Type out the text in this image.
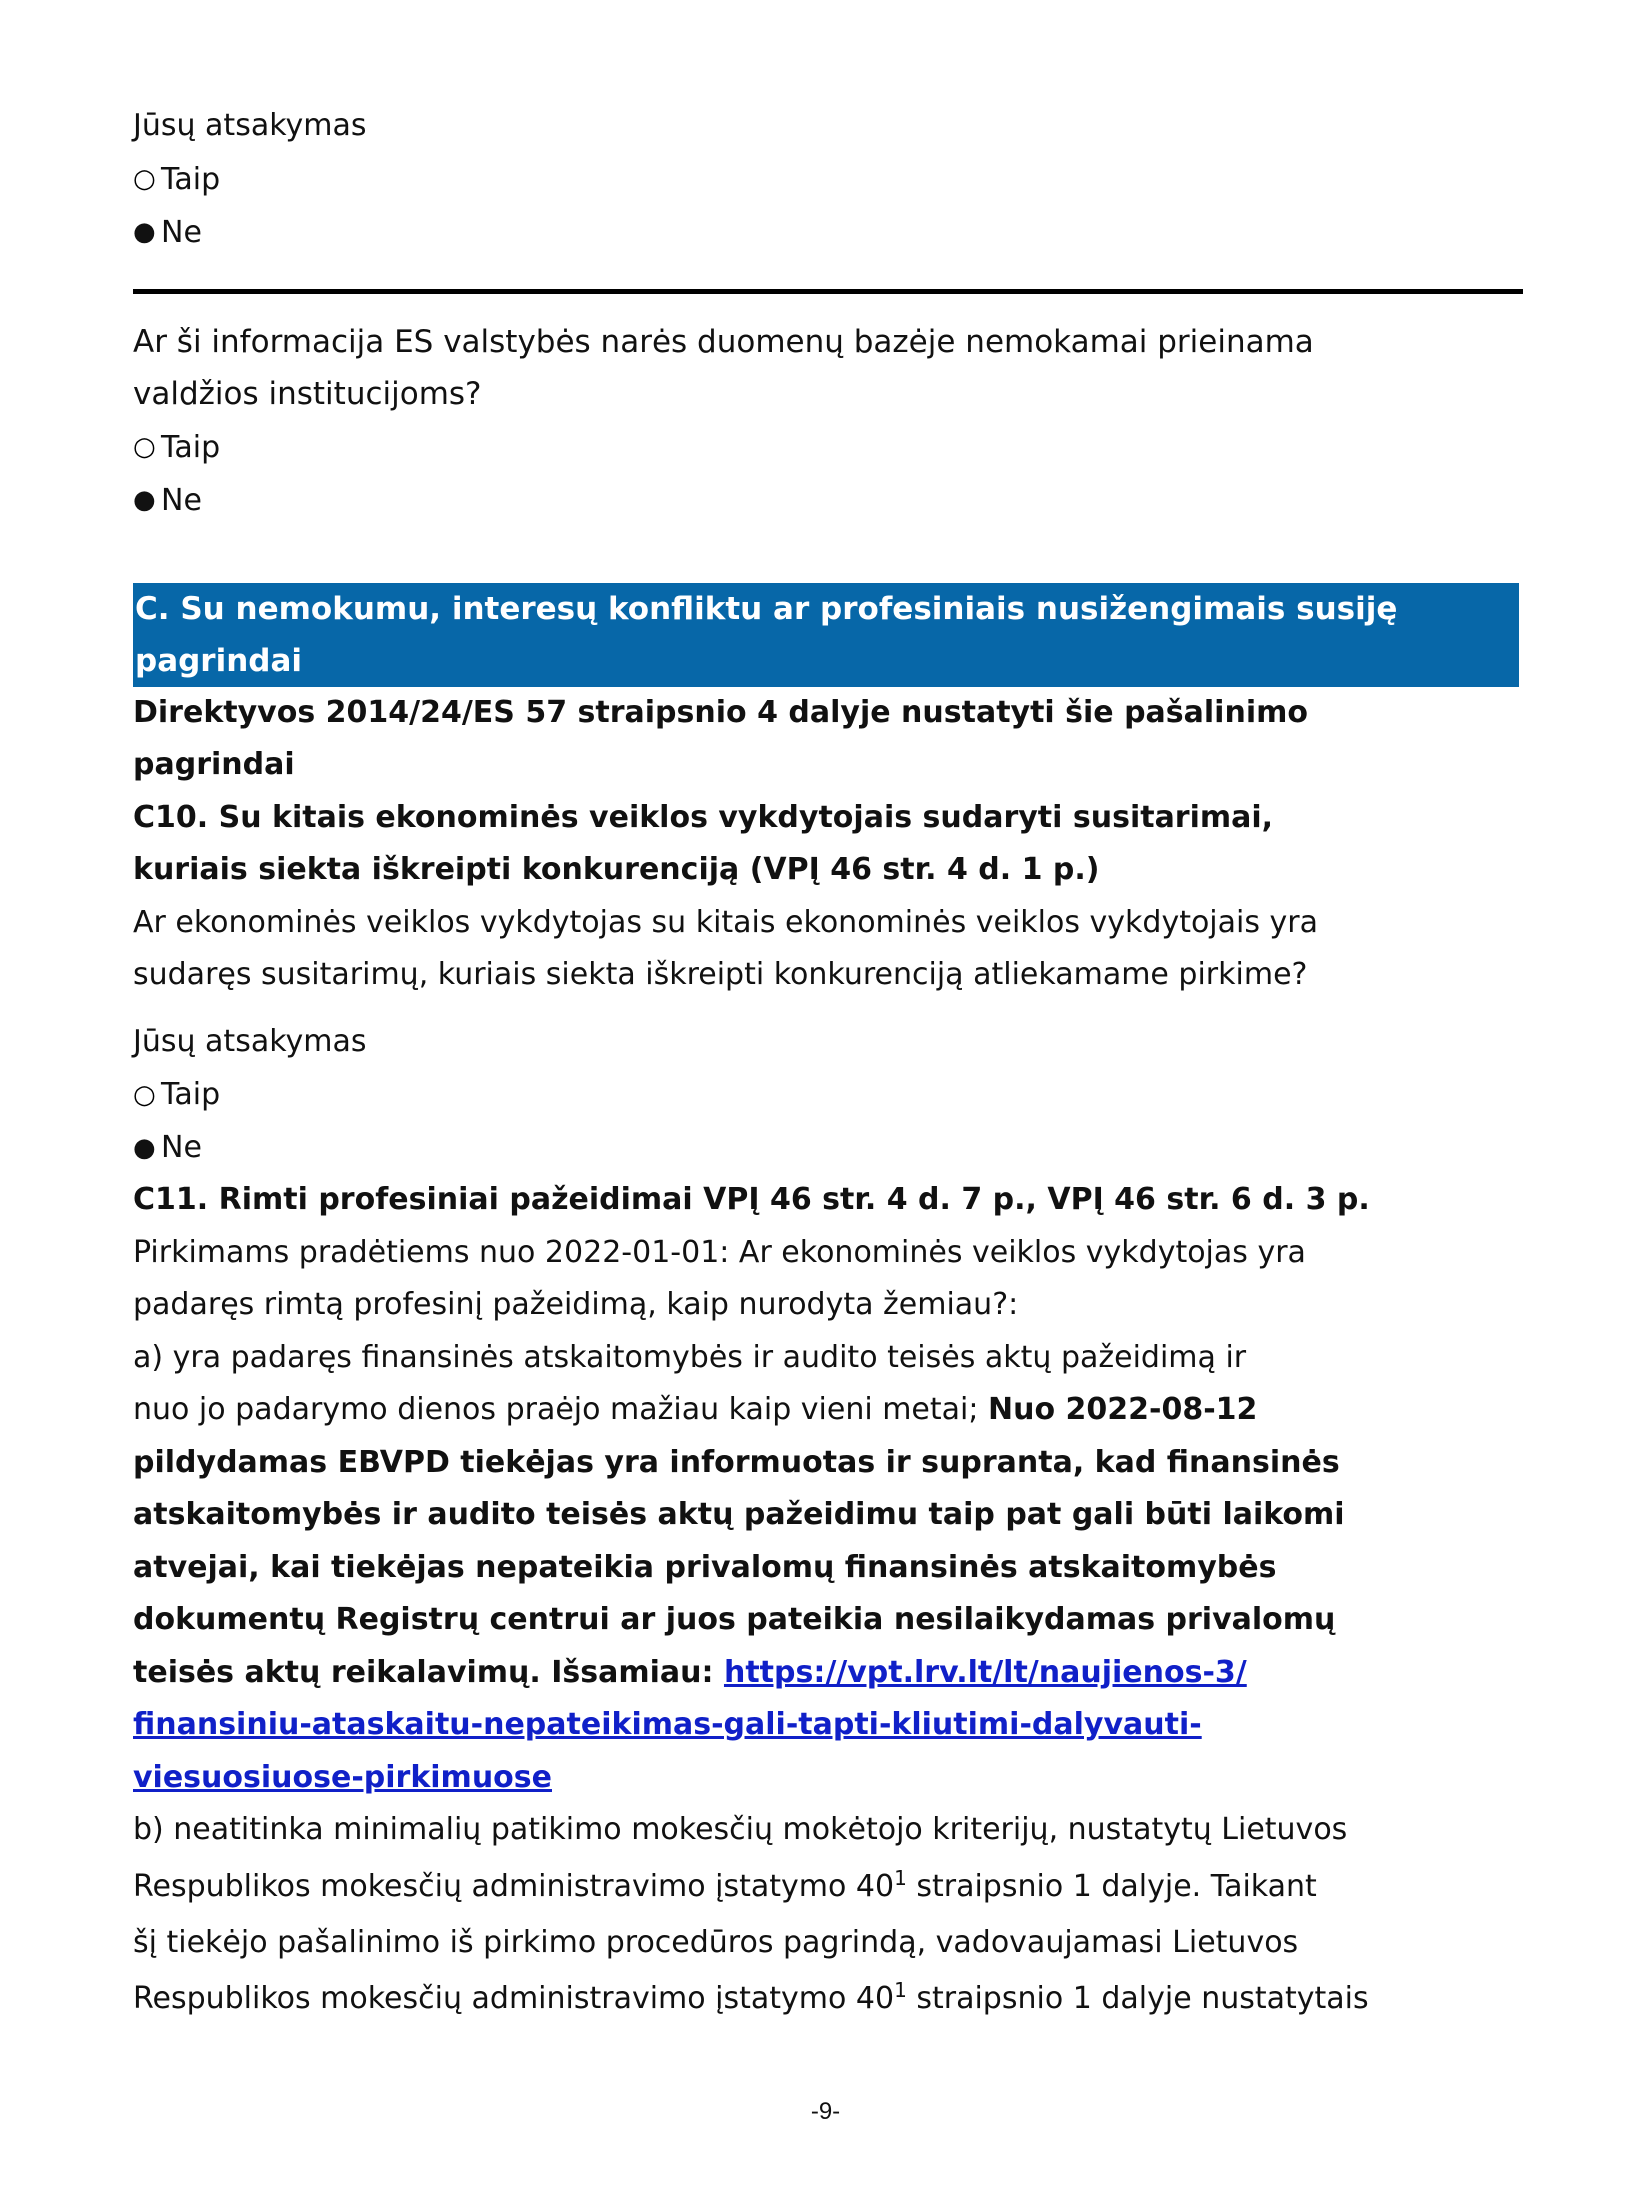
Jūsų atsakymas
○ Taip
● Ne
Ar ši informacija ES valstybės narės duomenų bazėje nemokamai prieinama
valdžios institucijoms?
○ Taip
● Ne
C. Su nemokumu, interesų konfliktu ar profesiniais nusižengimais susiję
pagrindai
Direktyvos 2014/24/ES 57 straipsnio 4 dalyje nustatyti šie pašalinimo
pagrindai
C10. Su kitais ekonominės veiklos vykdytojais sudaryti susitarimai,
kuriais siekta iškreipti konkurenciją (VPĮ 46 str. 4 d. 1 p.)
Ar ekonominės veiklos vykdytojas su kitais ekonominės veiklos vykdytojais yra
sudaręs susitarimų, kuriais siekta iškreipti konkurenciją atliekamame pirkime?
Jūsų atsakymas
○ Taip
● Ne
C11. Rimti profesiniai pažeidimai VPĮ 46 str. 4 d. 7 p., VPĮ 46 str. 6 d. 3 p.
Pirkimams pradėtiems nuo 2022-01-01: Ar ekonominės veiklos vykdytojas yra
padaręs rimtą profesinį pažeidimą, kaip nurodyta žemiau?:
a) yra padaręs finansinės atskaitomybės ir audito teisės aktų pažeidimą ir
nuo jo padarymo dienos praėjo mažiau kaip vieni metai; Nuo 2022-08-12
pildydamas EBVPD tiekėjas yra informuotas ir supranta, kad finansinės
atskaitomybės ir audito teisės aktų pažeidimu taip pat gali būti laikomi
atvejai, kai tiekėjas nepateikia privalomų finansinės atskaitomybės
dokumentų Registrų centrui ar juos pateikia nesilaikydamas privalomų
teisės aktų reikalavimų. Išsamiau: https://vpt.lrv.lt/lt/naujienos-3/
finansiniu-ataskaitu-nepateikimas-gali-tapti-kliutimi-dalyvauti-
viesuosiuose-pirkimuose
b) neatitinka minimalių patikimo mokesčių mokėtojo kriterijų, nustatytų Lietuvos
Respublikos mokesčių administravimo įstatymo $40^1$ straipsnio 1 dalyje. Taikant
šį tiekėjo pašalinimo iš pirkimo procedūros pagrindą, vadovaujamasi Lietuvos
Respublikos mokesčių administravimo įstatymo $40^1$ straipsnio 1 dalyje nustatytais
-9-
